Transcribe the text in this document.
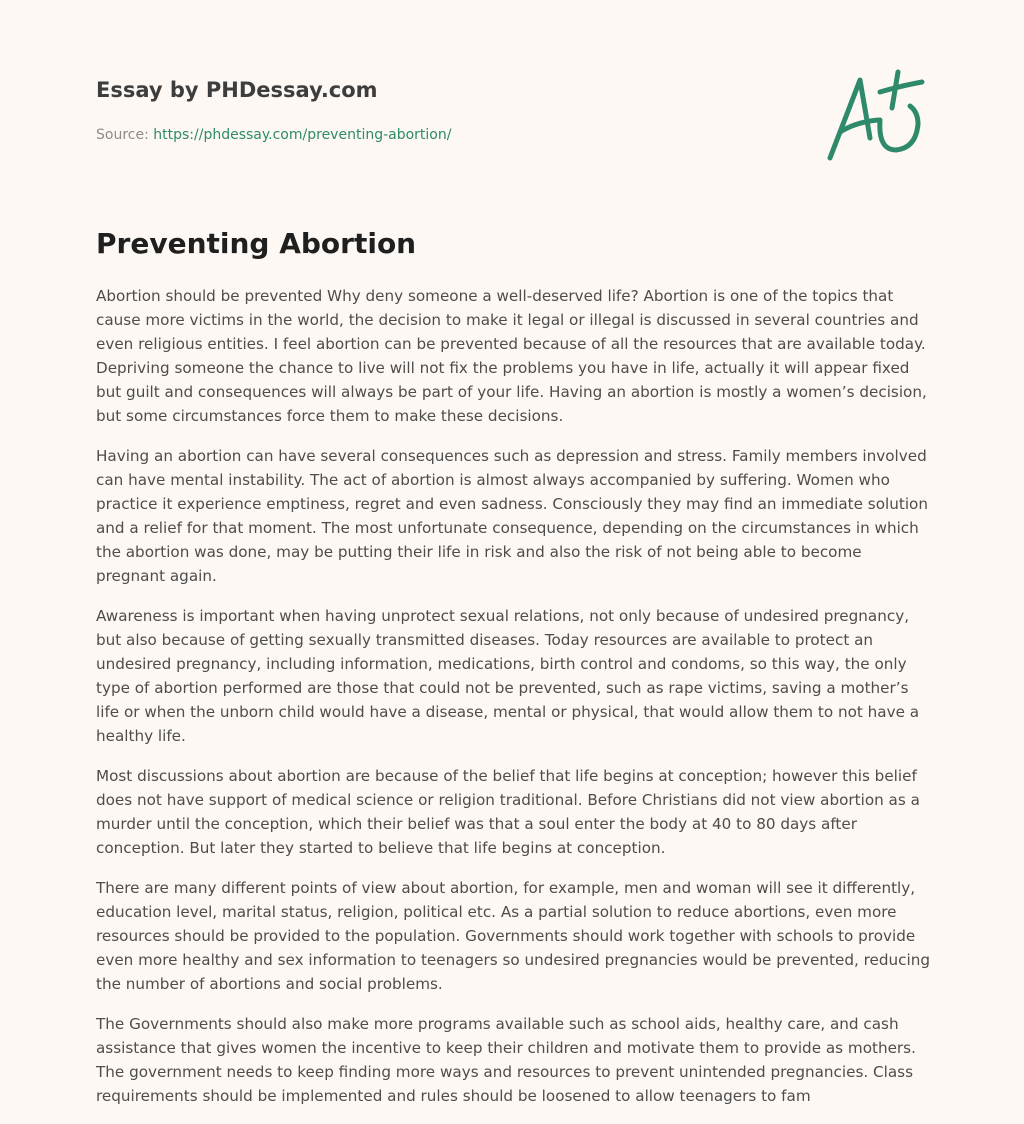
Essay by PHDessay.com
Source: https://phdessay.com/preventing-abortion/
Preventing Abortion

Abortion should be prevented Why deny someone a well-deserved life? Abortion is one of the topics that cause more victims in the world, the decision to make it legal or illegal is discussed in several countries and even religious entities. I feel abortion can be prevented because of all the resources that are available today. Depriving someone the chance to live will not fix the problems you have in life, actually it will appear fixed but guilt and consequences will always be part of your life. Having an abortion is mostly a women’s decision, but some circumstances force them to make these decisions.

Having an abortion can have several consequences such as depression and stress. Family members involved can have mental instability. The act of abortion is almost always accompanied by suffering. Women who practice it experience emptiness, regret and even sadness. Consciously they may find an immediate solution and a relief for that moment. The most unfortunate consequence, depending on the circumstances in which the abortion was done, may be putting their life in risk and also the risk of not being able to become pregnant again.

Awareness is important when having unprotect sexual relations, not only because of undesired pregnancy, but also because of getting sexually transmitted diseases. Today resources are available to protect an undesired pregnancy, including information, medications, birth control and condoms, so this way, the only type of abortion performed are those that could not be prevented, such as rape victims, saving a mother’s life or when the unborn child would have a disease, mental or physical, that would allow them to not have a healthy life.

Most discussions about abortion are because of the belief that life begins at conception; however this belief does not have support of medical science or religion traditional. Before Christians did not view abortion as a murder until the conception, which their belief was that a soul enter the body at 40 to 80 days after conception. But later they started to believe that life begins at conception.

There are many different points of view about abortion, for example, men and woman will see it differently, education level, marital status, religion, political etc. As a partial solution to reduce abortions, even more resources should be provided to the population. Governments should work together with schools to provide even more healthy and sex information to teenagers so undesired pregnancies would be prevented, reducing the number of abortions and social problems.

The Governments should also make more programs available such as school aids, healthy care, and cash assistance that gives women the incentive to keep their children and motivate them to provide as mothers. The government needs to keep finding more ways and resources to prevent unintended pregnancies. Class requirements should be implemented and rules should be loosened to allow teenagers to fam
